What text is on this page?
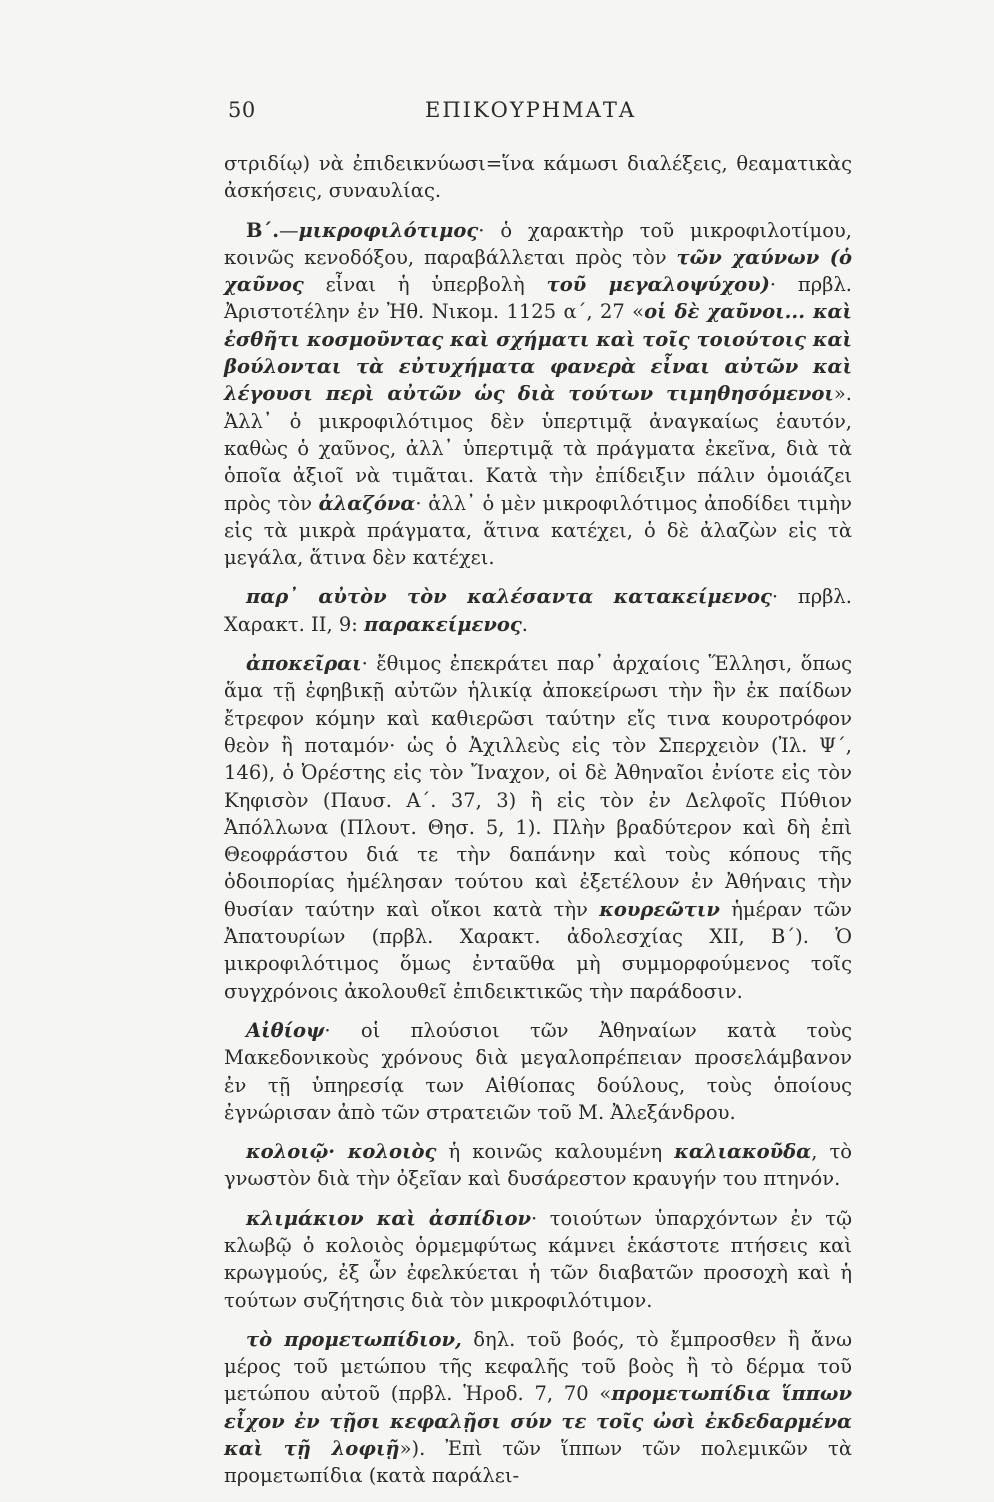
50	ΕΠΙΚΟΥΡΗΜΑΤΑ

στριδίῳ) νὰ ἐπιδεικνύωσι=ἵνα κάμωσι διαλέξεις, θεαματικὰς ἀσκήσεις, συναυλίας.

Β΄.—μικροφιλότιμος· ὁ χαρακτὴρ τοῦ μικροφιλοτίμου, κοινῶς κενοδόξου, παραβάλλεται πρὸς τὸν τῶν χαύνων (ὁ χαῦνος εἶναι ἡ ὑπερβολὴ τοῦ μεγαλοψύχου)· πρβλ. Ἀριστοτέλην ἐν Ἠθ. Νικομ. 1125 α΄, 27 «οἱ δὲ χαῦνοι... καὶ ἐσθῆτι κοσμοῦντας καὶ σχήματι καὶ τοῖς τοιούτοις καὶ βούλονται τὰ εὐτυχήματα φανερὰ εἶναι αὐτῶν καὶ λέγουσι περὶ αὐτῶν ὡς διὰ τούτων τιμηθησόμενοι». Ἀλλ᾿ ὁ μικροφιλότιμος δὲν ὑπερτιμᾷ ἀναγκαίως ἑαυτόν, καθὼς ὁ χαῦνος, ἀλλ᾿ ὑπερτιμᾷ τὰ πράγματα ἐκεῖνα, διὰ τὰ ὁποῖα ἀξιοῖ νὰ τιμᾶται. Κατὰ τὴν ἐπίδειξιν πάλιν ὁμοιάζει πρὸς τὸν ἀλαζόνα· ἀλλ᾿ ὁ μὲν μικροφιλότιμος ἀποδίδει τιμὴν εἰς τὰ μικρὰ πράγματα, ἅτινα κατέχει, ὁ δὲ ἀλαζὼν εἰς τὰ μεγάλα, ἅτινα δὲν κατέχει.

παρ᾿ αὐτὸν τὸν καλέσαντα κατακείμενος· πρβλ. Χαρακτ. II, 9: παρακείμενος.

ἀποκεῖραι· ἔθιμος ἐπεκράτει παρ᾿ ἀρχαίοις Ἕλλησι, ὅπως ἅμα τῇ ἐφηβικῇ αὐτῶν ἡλικίᾳ ἀποκείρωσι τὴν ἣν ἐκ παίδων ἔτρεφον κόμην καὶ καθιερῶσι ταύτην εἴς τινα κουροτρόφον θεὸν ἢ ποταμόν· ὡς ὁ Ἀχιλλεὺς εἰς τὸν Σπερχειὸν (Ἰλ. Ψ΄, 146), ὁ Ὀρέστης εἰς τὸν Ἴναχον, οἱ δὲ Ἀθηναῖοι ἐνίοτε εἰς τὸν Κηφισὸν (Παυσ. Α΄. 37, 3) ἢ εἰς τὸν ἐν Δελφοῖς Πύθιον Ἀπόλλωνα (Πλουτ. Θησ. 5, 1). Πλὴν βραδύτερον καὶ δὴ ἐπὶ Θεοφράστου διά τε τὴν δαπάνην καὶ τοὺς κόπους τῆς ὁδοιπορίας ἠμέλησαν τούτου καὶ ἐξετέλουν ἐν Ἀθήναις τὴν θυσίαν ταύτην καὶ οἴκοι κατὰ τὴν κουρεῶτιν ἡμέραν τῶν Ἀπατουρίων (πρβλ. Χαρακτ. ἀδολεσχίας XII, Β΄). Ὁ μικροφιλότιμος ὅμως ἐνταῦθα μὴ συμμορφούμενος τοῖς συγχρόνοις ἀκολουθεῖ ἐπιδεικτικῶς τὴν παράδοσιν.

Αἰθίοψ· οἱ πλούσιοι τῶν Ἀθηναίων κατὰ τοὺς Μακεδονικοὺς χρόνους διὰ μεγαλοπρέπειαν προσελάμβανον ἐν τῇ ὑπηρεσίᾳ των Αἰθίοπας δούλους, τοὺς ὁποίους ἐγνώρισαν ἀπὸ τῶν στρατειῶν τοῦ Μ. Ἀλεξάνδρου.

κολοιῷ· κολοιὸς ἡ κοινῶς καλουμένη καλιακοῦδα, τὸ γνωστὸν διὰ τὴν ὀξεῖαν καὶ δυσάρεστον κραυγήν του πτηνόν.

κλιμάκιον καὶ ἀσπίδιον· τοιούτων ὑπαρχόντων ἐν τῷ κλωβῷ ὁ κολοιὸς ὁρμεμφύτως κάμνει ἑκάστοτε πτήσεις καὶ κρωγμούς, ἐξ ὧν ἐφελκύεται ἡ τῶν διαβατῶν προσοχὴ καὶ ἡ τούτων συζήτησις διὰ τὸν μικροφιλότιμον.

τὸ προμετωπίδιον, δηλ. τοῦ βοός, τὸ ἔμπροσθεν ἢ ἄνω μέρος τοῦ μετώπου τῆς κεφαλῆς τοῦ βοὸς ἢ τὸ δέρμα τοῦ μετώπου αὐτοῦ (πρβλ. Ἡροδ. 7, 70 «προμετωπίδια ἵππων εἶχον ἐν τῇσι κεφαλῇσι σύν τε τοῖς ὠσὶ ἐκδεδαρμένα καὶ τῇ λοφιῇ»). Ἐπὶ τῶν ἵππων τῶν πολεμικῶν τὰ προμετωπίδια (κατὰ παράλει-
